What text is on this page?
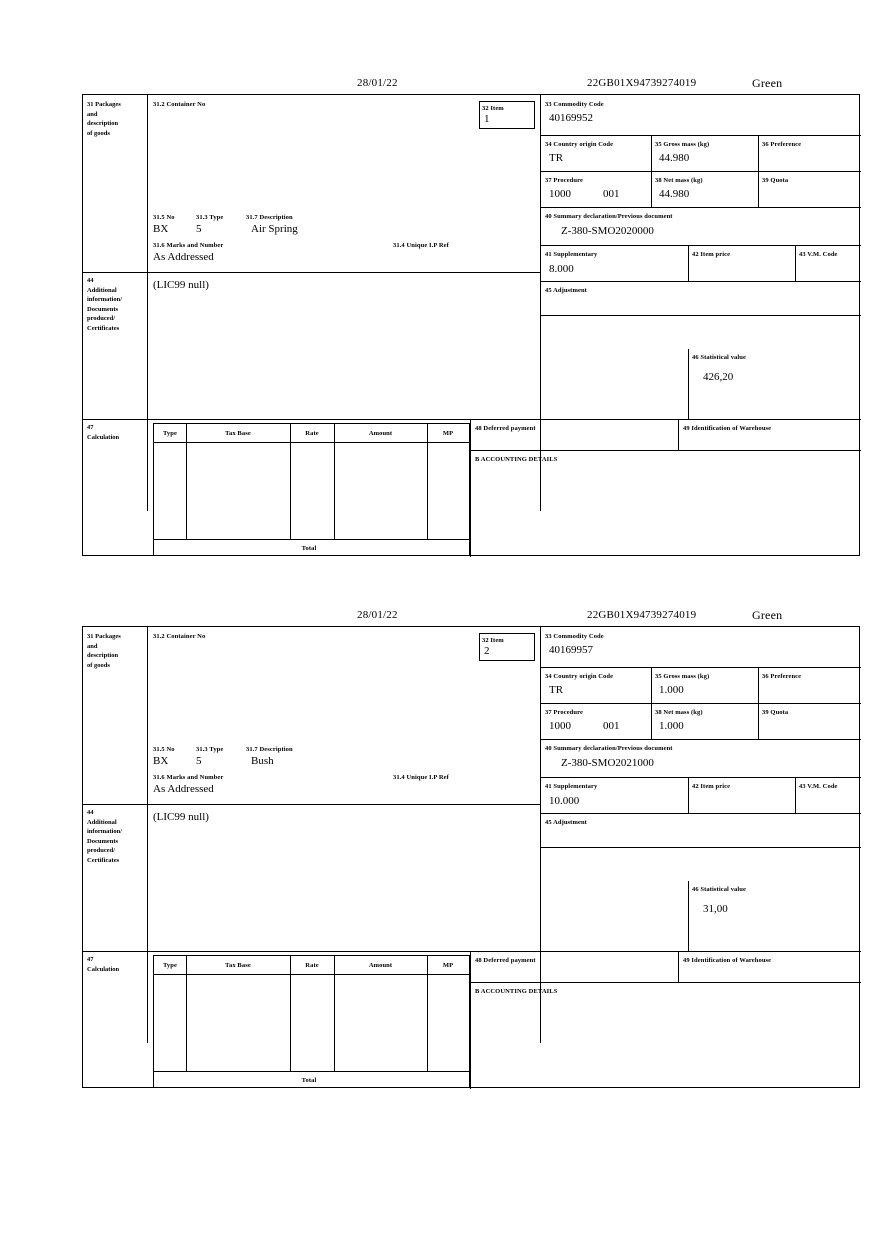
28/01/22	22GB01X94739274019	Green
31 Packages
and
description
of goods
31.2 Container No
32 Item
1
31.5 No	31.3 Type	31.7 Description
BX	5	Air Spring
31.6 Marks and Number	31.4 Unique I.P Ref
As Addressed
44
Additional
information/
Documents
produced/
Certificates
(LIC99 null)
33 Commodity Code
40169952
34 Country origin Code
TR
35 Gross mass (kg)
44.980
36 Preference
37 Procedure
1000	001
38 Net mass (kg)
44.980
39 Quota
40 Summary declaration/Previous document
Z-380-SMO2020000
41 Supplementary
8.000
42 Item price	43 V.M. Code
45 Adjustment
46 Statistical value
426,20
47
Calculation	Type	Tax Base	Rate	Amount	MP
Total
48 Deferred payment	49 Identification of Warehouse
B ACCOUNTING DETAILS
28/01/22	22GB01X94739274019	Green
31 Packages
and
description
of goods
31.2 Container No
32 Item
2
31.5 No	31.3 Type	31.7 Description
BX	5	Bush
31.6 Marks and Number	31.4 Unique I.P Ref
As Addressed
44
Additional
information/
Documents
produced/
Certificates
(LIC99 null)
33 Commodity Code
40169957
34 Country origin Code
TR
35 Gross mass (kg)
1.000
36 Preference
37 Procedure
1000	001
38 Net mass (kg)
1.000
39 Quota
40 Summary declaration/Previous document
Z-380-SMO2021000
41 Supplementary
10.000
42 Item price	43 V.M. Code
45 Adjustment
46 Statistical value
31,00
47
Calculation	Type	Tax Base	Rate	Amount	MP
Total
48 Deferred payment	49 Identification of Warehouse
B ACCOUNTING DETAILS
